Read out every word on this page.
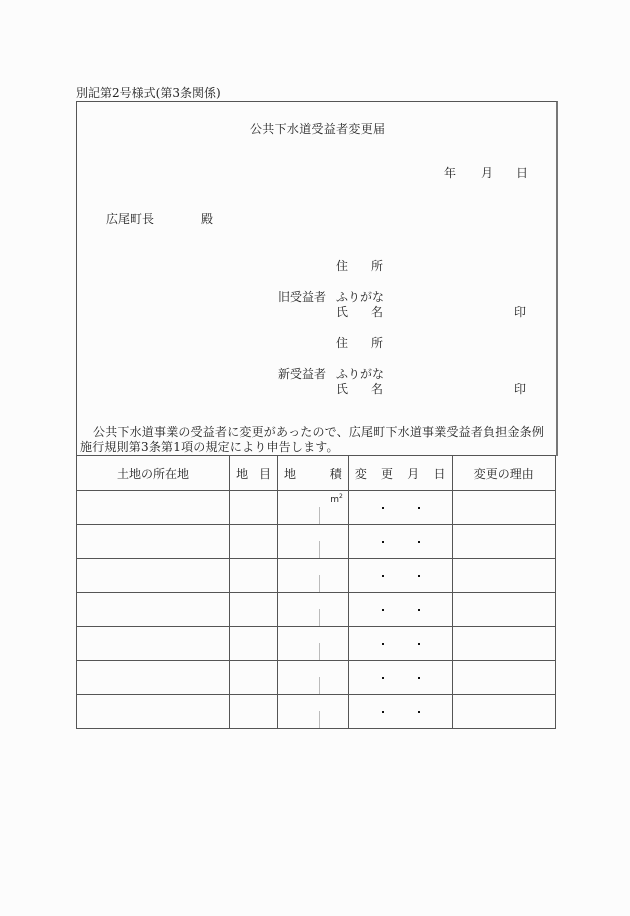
別記第2号様式(第3条関係)
公共下水道受益者変更届
年 月 日
広尾町長	殿
住 所
旧受益者 ふりがな
氏 名	印
住 所
新受益者 ふりがな
氏 名	印
公共下水道事業の受益者に変更があったので、広尾町下水道事業受益者負担金条例施行規則第3条第1項の規定により申告します。
土地の所在地	地 目	地 積	変 更 月 日	変更の理由

		$m^2$
